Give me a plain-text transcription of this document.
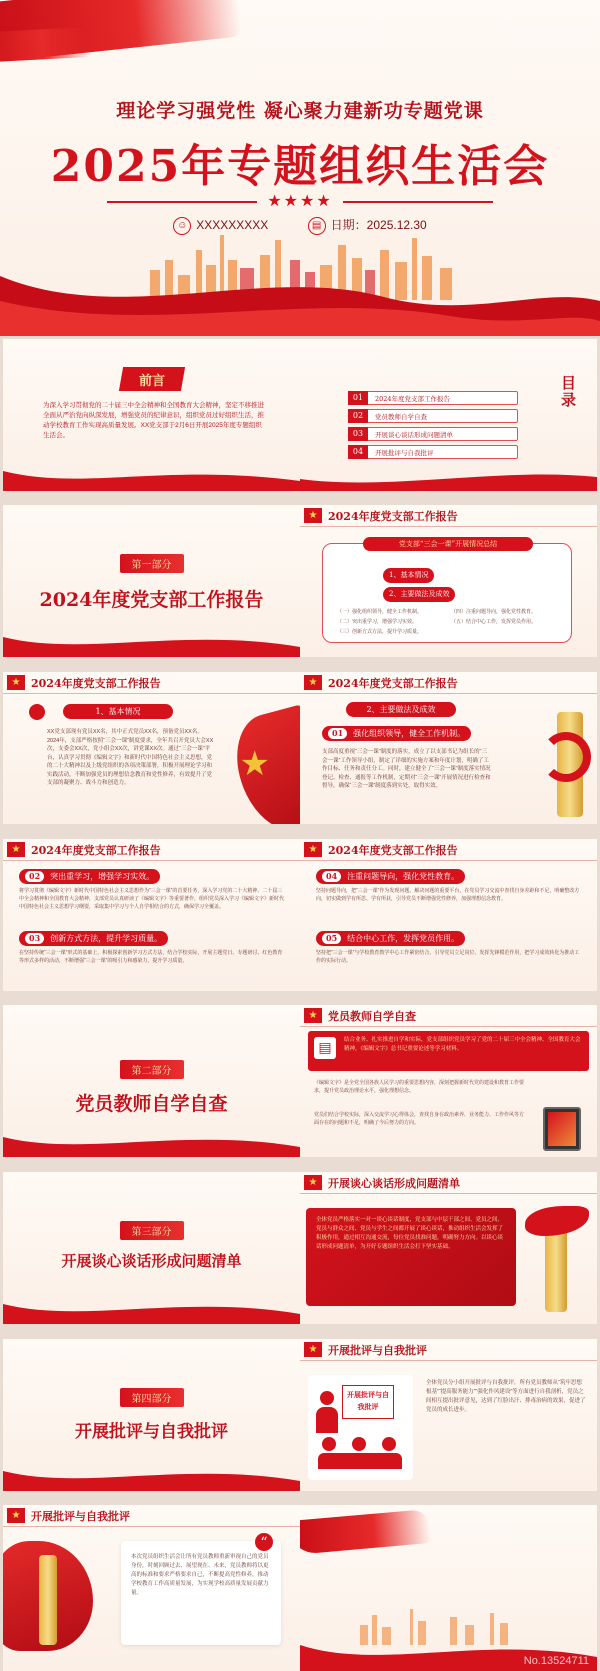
理论学习强党性 凝心聚力建新功专题党课
2025年专题组织生活会
★★★★
☺ XXXXXXXXX	▤ 日期：2025.12.30
前言
为深入学习贯彻党的二十届三中全会精神和全国教育大会精神，坚定不移推进全面从严治党向纵深发展，增强党员的纪律意识，组织党员过好组织生活，推动学校教育工作实现高质量发展。XX党支部于2月6日开展2025年度专题组织生活会。
目录
01	2024年度党支部工作报告
02	党员教师自学自查
03	开展谈心谈话形成问题清单
04	开展批评与自我批评
第一部分
2024年度党支部工作报告
★ 2024年度党支部工作报告
党支部“三会一课”开展情况总结
1、基本情况
2、主要做法及成效
（一）强化组织领导，健全工作机制。	（四）注重问题导向，强化党性教育。
（二）突出重学习，增强学习实效。	（五）结合中心工作，发挥党员作用。
（三）创新方式方法，提升学习质量。
★ 2024年度党支部工作报告
1、基本情况
XX党支部现有党员XX名，其中正式党员XX名，预备党员XX名。2024年，支部严格按照“三会一课”制度要求，全年共召开党员大会XX次，支委会XX次，党小组会XX次，讲党课XX次。通过“三会一课”平台，认真学习贯彻《编辑文字》和新时代中国特色社会主义思想，党的二十大精神以及上级党组织的各项决策部署，积极开展理论学习和实践活动，不断加强党员的理想信念教育和党性修养，有效提升了党支部的凝聚力、战斗力和创造力。	★
★ 2024年度党支部工作报告
2、主要做法及成效
01 强化组织领导，健全工作机制。
支部高度重视“三会一课”制度的落实，成立了以支部书记为组长的“三会一课”工作领导小组，制定了详细的实施方案和年度计划，明确了工作目标、任务和责任分工。同时，建立健全了“三会一课”制度落实情况登记、检查、通报等工作机制，定期对“三会一课”开展情况进行检查和督导，确保“三会一课”制度落到实处，取得实效。
★ 2024年度党支部工作报告
02 突出重学习，增强学习实效。
将学习贯彻《编辑文字》新时代中国特色社会主义思想作为“三会一课”的首要任务，深入学习党的二十大精神、二十届三中全会精神和全国教育大会精神，支部党员认真研读了《编辑文字》等重要著作，组织党员深入学习《编辑文字》新时代中国特色社会主义思想学习纲要，采取集中学习与个人自学相结合的方式，确保学习全覆盖。
03 创新方式方法，提升学习质量。
在坚持传统“三会一课”形式的基础上，积极探索创新学习方式方法，结合学校实际，开展主题党日、专题研讨、红色教育等形式多样的活动，不断增强“三会一课”的吸引力和感染力，提升学习质量。
★ 2024年度党支部工作报告
04 注重问题导向，强化党性教育。
坚持问题导向，把“三会一课”作为发现问题、解决问题的重要平台，在党员学习交流中查找自身差距和不足，明确整改方向，切实做到学有所思、学有所获，引导党员不断增强党性修养，加强理想信念教育。
05 结合中心工作，发挥党员作用。
坚持把“三会一课”与学校教育教学中心工作紧密结合，引导党员立足岗位、发挥先锋模范作用，把学习成效转化为推动工作的实际行动。
第二部分
党员教师自学自查
★ 党员教师自学自查
▤	结合业务、扎实推进自学和实际，党支部组织党员学习了党的二十届三中全会精神、全国教育大会精神，《编辑文字》总书记重要论述等学习材料。
《编辑文字》是全党全国各族人民学习的重要思想内容，深刻把握新时代党的建设和教育工作要求，提升党员政治理论水平，强化理想信念。
党员们结合学校实际，深入交流学习心得体会，查找自身在政治素养、业务能力、工作作风等方面存在的问题和不足，明确了今后努力的方向。
第三部分
开展谈心谈话形成问题清单
★ 开展谈心谈话形成问题清单
全体党员严格落实一对一谈心谈话制度，党支部与中层干部之间、党员之间、党员与群众之间、党员与学生之间都开展了谈心谈话，推动组织生活会发挥了积极作用，通过相互沟通交流，每位党员找准问题，明确努力方向。以谈心谈话形成问题清单，为开好专题组织生活会打下坚实基础。
第四部分
开展批评与自我批评
★ 开展批评与自我批评
开展批评与自我批评
全体党员分小组开展批评与自我批评，所有党员教师从“筑牢思想根基”“提高服务能力”“强化作风建设”等方面进行自我剖析，党员之间相互提出批评意见，达到了红脸出汗、排毒治病的效果，促进了党员的成长进步。
★ 开展批评与自我批评
“
本次党员组织生活会让所有党员教师重新审视自己的党员身份，时刻回顾过去、展望现在、未来，党员教师将以更高的标准和要求严格要求自己，不断提高党性修养，推动学校教育工作高质量发展，为实现学校高质量发展贡献力量。
No.13524711
